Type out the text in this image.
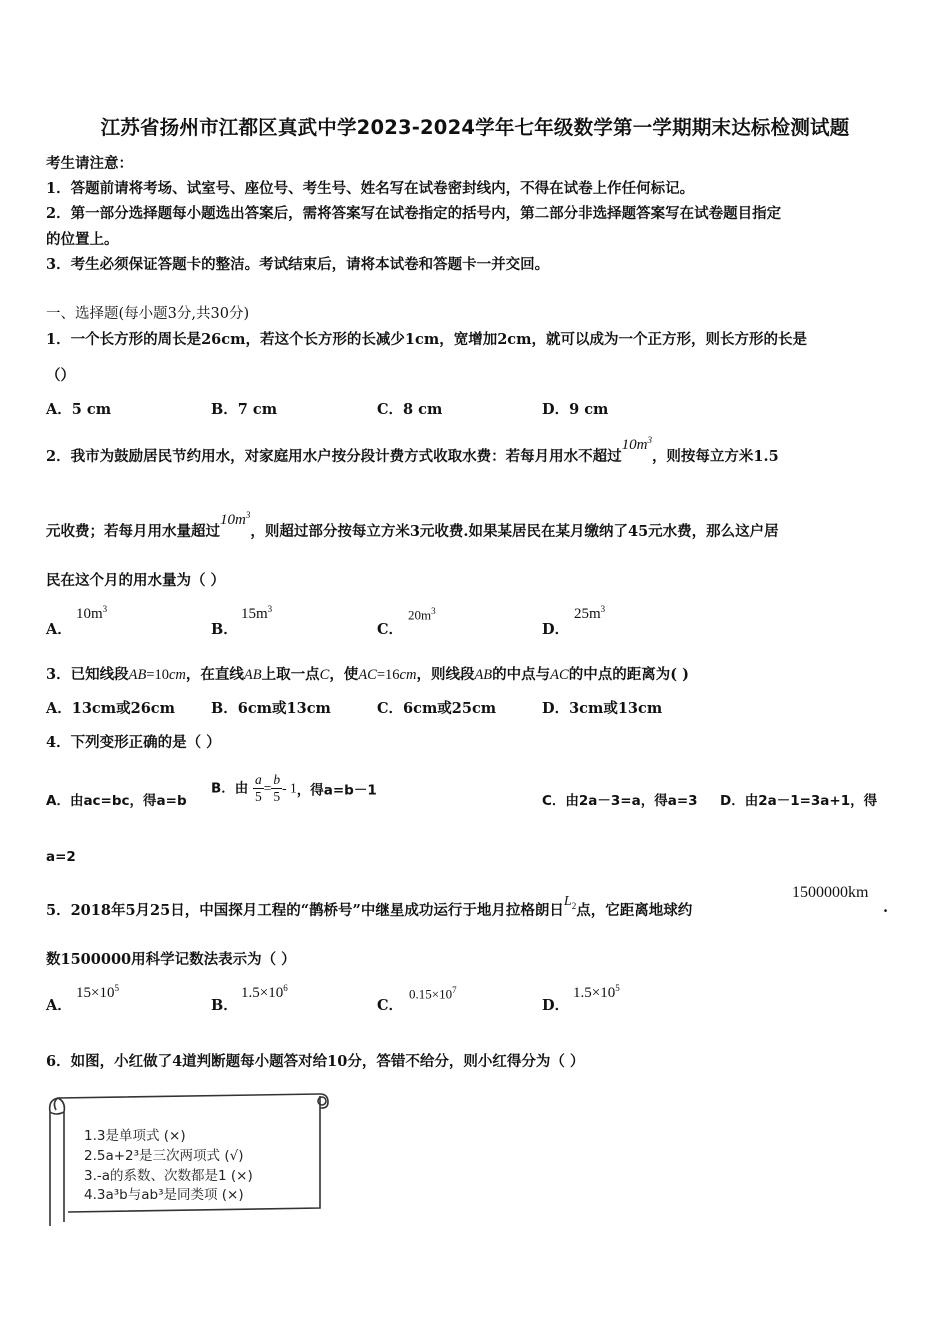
江苏省扬州市江都区真武中学2023-2024学年七年级数学第一学期期末达标检测试题
考生请注意：
1．答题前请将考场、试室号、座位号、考生号、姓名写在试卷密封线内，不得在试卷上作任何标记。
2．第一部分选择题每小题选出答案后，需将答案写在试卷指定的括号内，第二部分非选择题答案写在试卷题目指定
的位置上。
3．考生必须保证答题卡的整洁。考试结束后，请将本试卷和答题卡一并交回。
一、选择题(每小题3分,共30分)
1．一个长方形的周长是26cm，若这个长方形的长减少1cm，宽增加2cm，就可以成为一个正方形，则长方形的长是
（）
A．5 cm	B．7 cm	C．8 cm	D．9 cm
2．我市为鼓励居民节约用水，对家庭用水户按分段计费方式收取水费：若每月用水不超过$10m^3$，则按每立方米1.5
元收费；若每月用水量超过$10m^3$，则超过部分按每立方米3元收费.如果某居民在某月缴纳了45元水费，那么这户居
民在这个月的用水量为（ ）
A．
$10m^3$
B．
$15m^3$
C．
$20m^3$
D．
$25m^3$
3．已知线段AB=10cm，在直线AB上取一点C，使AC=16cm，则线段AB的中点与AC的中点的距离为( )
A．13cm或26cm B．6cm或13cm	C．6cm或25cm	D．3cm或13cm
4．下列变形正确的是（ ）
A．由ac=bc，得a=b
B．由 $\frac{a}{5} = \frac{b}{5} - 1$，得a=b－1
C．由2a－3=a，得a=3 D．由2a－1=3a+1，得
a=2
5．2018年5月25日，中国探月工程的“鹊桥号”中继星成功运行于地月拉格朗日$L_2$点，它距离地球约
1500000km
.
数1500000用科学记数法表示为（ ）
A．
$15\times 10^5$
B．
$1.5\times 10^6$
C．
$0.15\times 10^7$
D．
$1.5\times 10^5$
6．如图，小红做了4道判断题每小题答对给10分，答错不给分，则小红得分为（ ）
1.3是单项式 (×)
2.5a+2³是三次两项式 (√)
3.-a的系数、次数都是1 (×)
4.3a³b与ab³是同类项 (×)
